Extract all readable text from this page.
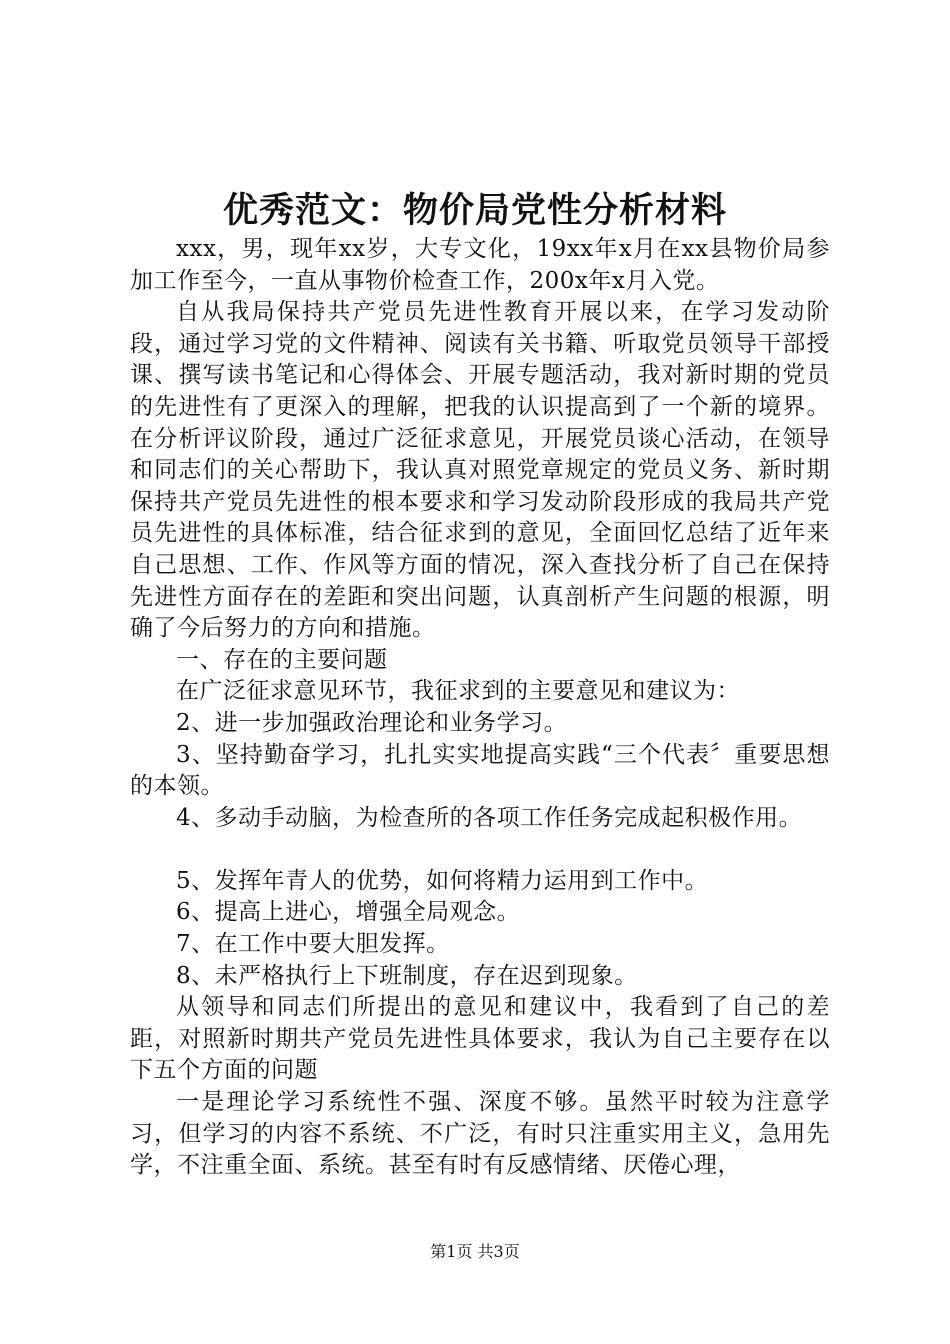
优秀范文：物价局党性分析材料

xxx，男，现年xx岁，大专文化，19xx年x月在xx县物价局参加工作至今，一直从事物价检查工作，200x年x月入党。

自从我局保持共产党员先进性教育开展以来，在学习发动阶段，通过学习党的文件精神、阅读有关书籍、听取党员领导干部授课、撰写读书笔记和心得体会、开展专题活动，我对新时期的党员的先进性有了更深入的理解，把我的认识提高到了一个新的境界。在分析评议阶段，通过广泛征求意见，开展党员谈心活动，在领导和同志们的关心帮助下，我认真对照党章规定的党员义务、新时期保持共产党员先进性的根本要求和学习发动阶段形成的我局共产党员先进性的具体标准，结合征求到的意见，全面回忆总结了近年来自己思想、工作、作风等方面的情况，深入查找分析了自己在保持先进性方面存在的差距和突出问题，认真剖析产生问题的根源，明确了今后努力的方向和措施。

一、存在的主要问题

在广泛征求意见环节，我征求到的主要意见和建议为：

2、进一步加强政治理论和业务学习。

3、坚持勤奋学习，扎扎实实地提高实践“三个代表〞重要思想的本领。

4、多动手动脑，为检查所的各项工作任务完成起积极作用。

5、发挥年青人的优势，如何将精力运用到工作中。

6、提高上进心，增强全局观念。

7、在工作中要大胆发挥。

8、未严格执行上下班制度，存在迟到现象。

从领导和同志们所提出的意见和建议中，我看到了自己的差距，对照新时期共产党员先进性具体要求，我认为自己主要存在以下五个方面的问题

一是理论学习系统性不强、深度不够。虽然平时较为注意学习，但学习的内容不系统、不广泛，有时只注重实用主义，急用先学，不注重全面、系统。甚至有时有反感情绪、厌倦心理，

第1页 共3页
